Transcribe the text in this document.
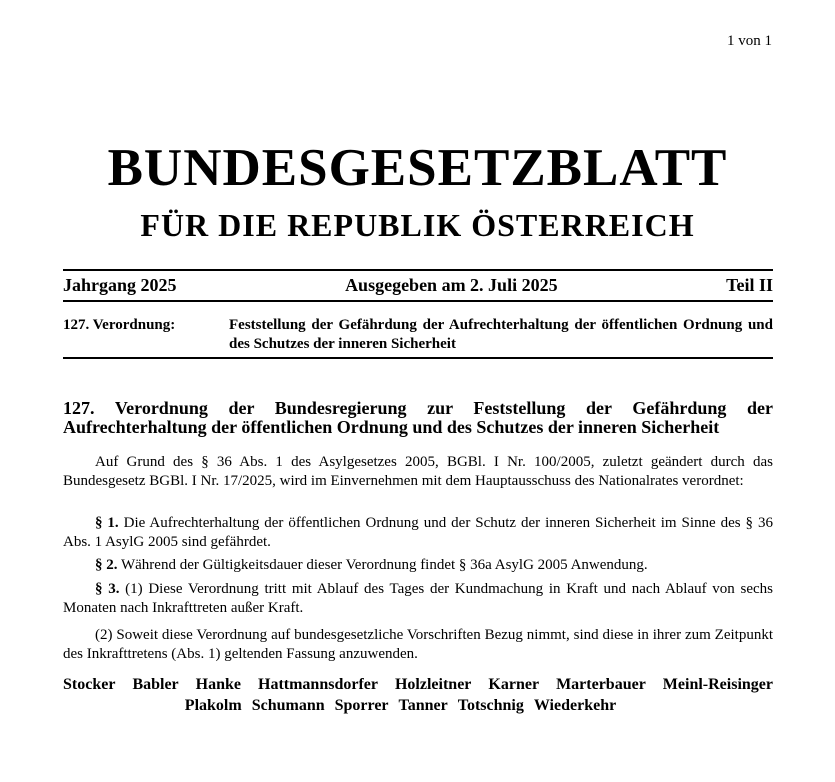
1 von 1
BUNDESGESETZBLATT
FÜR DIE REPUBLIK ÖSTERREICH
Jahrgang 2025	Ausgegeben am 2. Juli 2025	Teil II
127. Verordnung:	Feststellung der Gefährdung der Aufrechterhaltung der öffentlichen Ordnung und des Schutzes der inneren Sicherheit
127. Verordnung der Bundesregierung zur Feststellung der Gefährdung der Aufrechterhaltung der öffentlichen Ordnung und des Schutzes der inneren Sicherheit
Auf Grund des § 36 Abs. 1 des Asylgesetzes 2005, BGBl. I Nr. 100/2005, zuletzt geändert durch das Bundesgesetz BGBl. I Nr. 17/2025, wird im Einvernehmen mit dem Hauptausschuss des Nationalrates verordnet:
§ 1. Die Aufrechterhaltung der öffentlichen Ordnung und der Schutz der inneren Sicherheit im Sinne des § 36 Abs. 1 AsylG 2005 sind gefährdet.
§ 2. Während der Gültigkeitsdauer dieser Verordnung findet § 36a AsylG 2005 Anwendung.
§ 3. (1) Diese Verordnung tritt mit Ablauf des Tages der Kundmachung in Kraft und nach Ablauf von sechs Monaten nach Inkrafttreten außer Kraft.
(2) Soweit diese Verordnung auf bundesgesetzliche Vorschriften Bezug nimmt, sind diese in ihrer zum Zeitpunkt des Inkrafttretens (Abs. 1) geltenden Fassung anzuwenden.
Stocker Babler Hanke Hattmannsdorfer Holzleitner Karner Marterbauer Meinl-Reisinger
Plakolm Schumann Sporrer Tanner Totschnig Wiederkehr
